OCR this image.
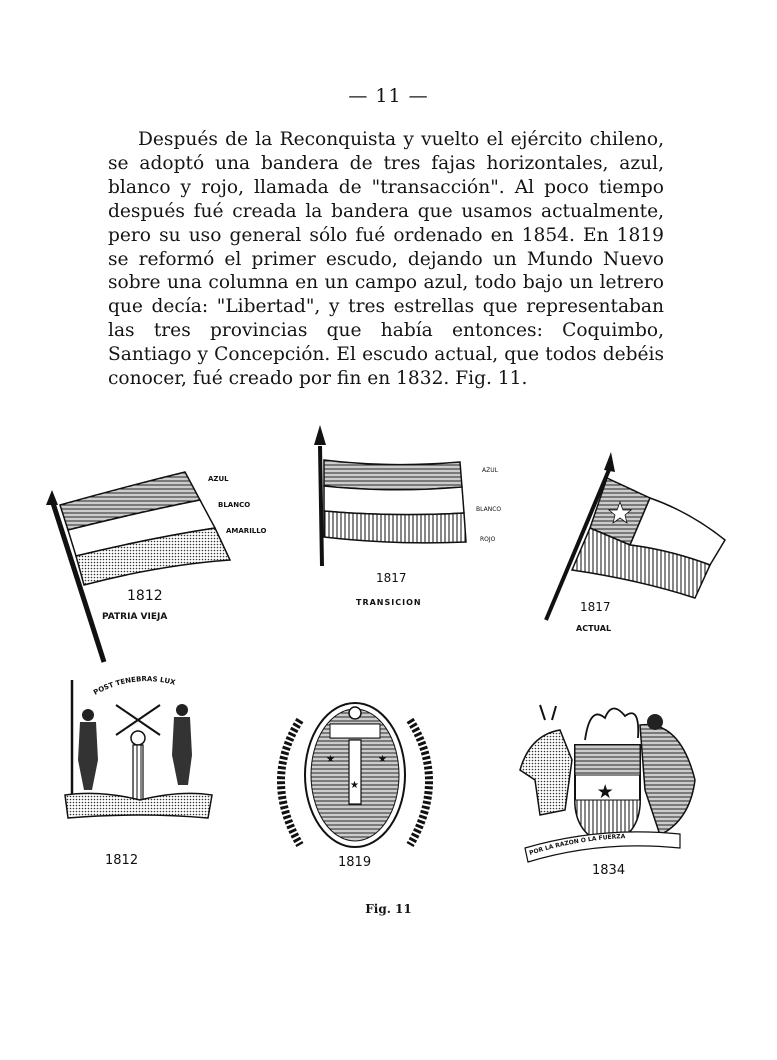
— 11 —
Después de la Reconquista y vuelto el ejército chileno, se adoptó una bandera de tres fajas horizontales, azul, blanco y rojo, llamada de "transacción". Al poco tiempo después fué creada la bandera que usamos actualmente, pero su uso general sólo fué ordenado en 1854. En 1819 se reformó el primer escudo, dejando un Mundo Nuevo sobre una columna en un campo azul, todo bajo un letrero que decía: "Libertad", y tres estrellas que representaban las tres provincias que había entonces: Coquimbo, Santiago y Concepción. El escudo actual, que todos debéis conocer, fué creado por fin en 1832. Fig. 11.
AZUL
BLANCO
AMARILLO
1812
PATRIA VIEJA
AZUL
BLANCO
ROJO
1817
TRANSICION	1817
ACTUAL
POST TENEBRAS LUX
1812
★	★
★
1819
★
POR LA RAZON O LA FUERZA
1834
Fig. 11
